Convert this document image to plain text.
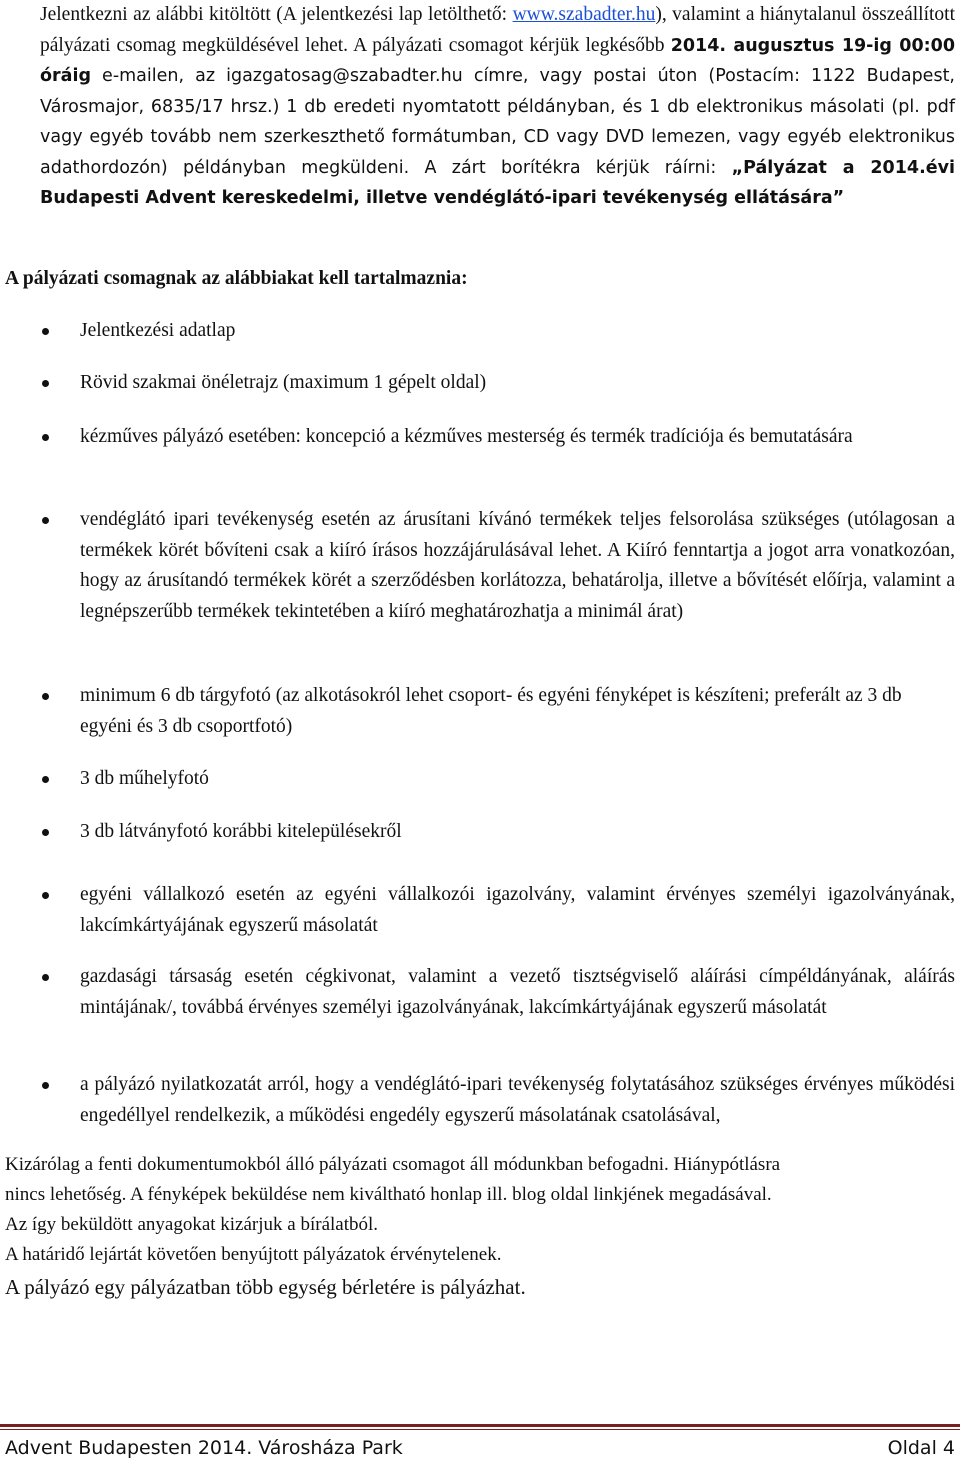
Jelentkezni az alábbi kitöltött (A jelentkezési lap letölthető: www.szabadter.hu), valamint a hiánytalanul összeállított pályázati csomag megküldésével lehet. A pályázati csomagot kérjük legkésőbb 2014. augusztus 19-ig 00:00 óráig e-mailen, az igazgatosag@szabadter.hu címre, vagy postai úton (Postacím: 1122 Budapest, Városmajor, 6835/17 hrsz.) 1 db eredeti nyomtatott példányban, és 1 db elektronikus másolati (pl. pdf vagy egyéb tovább nem szerkeszthető formátumban, CD vagy DVD lemezen, vagy egyéb elektronikus adathordozón) példányban megküldeni. A zárt borítékra kérjük ráírni: „Pályázat a 2014.évi Budapesti Advent kereskedelmi, illetve vendéglátó-ipari tevékenység ellátására”
A pályázati csomagnak az alábbiakat kell tartalmaznia:
Jelentkezési adatlap
Rövid szakmai önéletrajz (maximum 1 gépelt oldal)
kézműves pályázó esetében: koncepció a kézműves mesterség és termék tradíciója és bemutatására
vendéglátó ipari tevékenység esetén az árusítani kívánó termékek teljes felsorolása szükséges (utólagosan a termékek körét bővíteni csak a kiíró írásos hozzájárulásával lehet. A Kiíró fenntartja a jogot arra vonatkozóan, hogy az árusítandó termékek körét a szerződésben korlátozza, behatárolja, illetve a bővítését előírja, valamint a legnépszerűbb termékek tekintetében a kiíró meghatározhatja a minimál árat)
minimum 6 db tárgyfotó (az alkotásokról lehet csoport- és egyéni fényképet is készíteni; preferált az 3 db egyéni és 3 db csoportfotó)
3 db műhelyfotó
3 db látványfotó korábbi kitelepülésekről
egyéni vállalkozó esetén az egyéni vállalkozói igazolvány, valamint érvényes személyi igazolványának, lakcímkártyájának egyszerű másolatát
gazdasági társaság esetén cégkivonat, valamint a vezető tisztségviselő aláírási címpéldányának, aláírás mintájának/, továbbá érvényes személyi igazolványának, lakcímkártyájának egyszerű másolatát
a pályázó nyilatkozatát arról, hogy a vendéglátó-ipari tevékenység folytatásához szükséges érvényes működési engedéllyel rendelkezik, a működési engedély egyszerű másolatának csatolásával,

Kizárólag a fenti dokumentumokból álló pályázati csomagot áll módunkban befogadni. Hiánypótlásra

nincs lehetőség. A fényképek beküldése nem kiváltható honlap ill. blog oldal linkjének megadásával.

Az így beküldött anyagokat kizárjuk a bírálatból.

A határidő lejártát követően benyújtott pályázatok érvénytelenek.

A pályázó egy pályázatban több egység bérletére is pályázhat.

Advent Budapesten 2014. Városháza Park	Oldal 4
